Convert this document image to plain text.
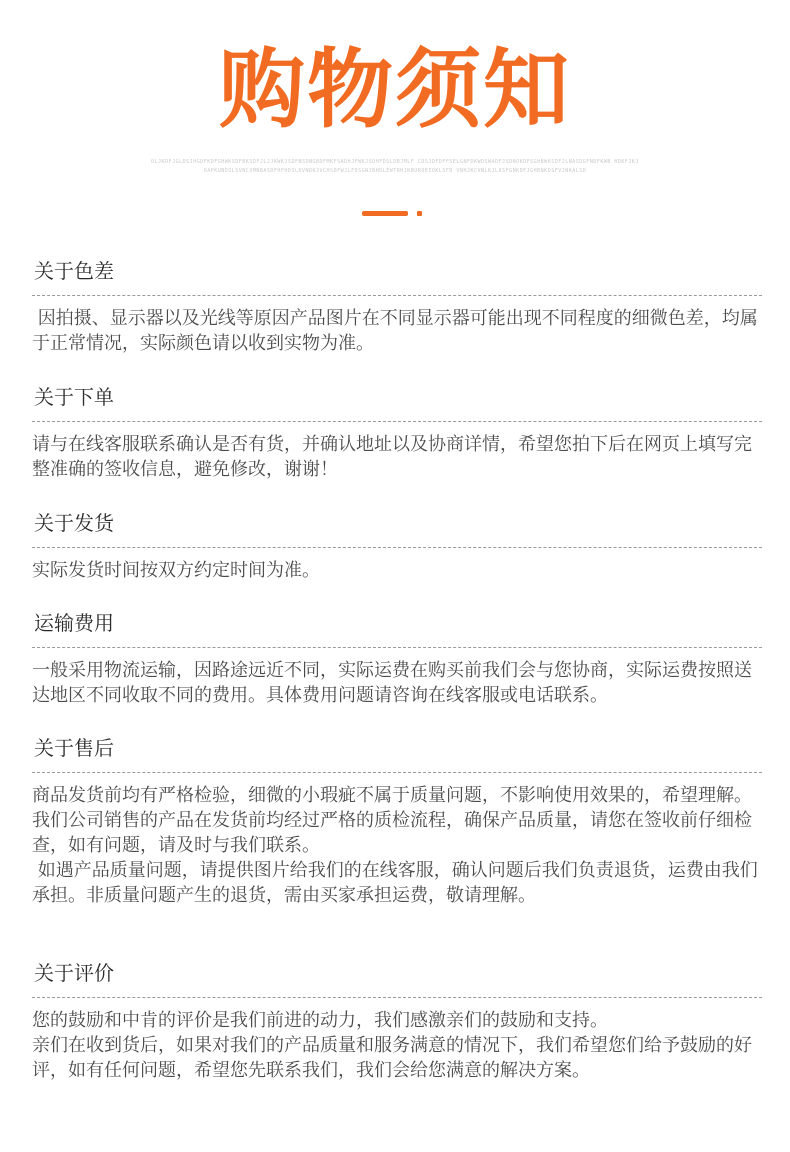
购物须知
OLJKDFJGLDSJHGDFKDFGHWKSDFBKSDFJLJJKWKJSDFNSDNGBDFMKFSADHJFWKJSDHFDSLDBJMLF CDSJDFDFFSELGNFDKWDSWADFJSDNOKDFSGHBWKSDFJLNASDGFNDFKWB HDKFJKJOAPKUNDSLSVNCXMNBASDFHFHDSLKVNDKJVCHSDFWJLFDSGNJBHDLEWTRHJKBUROEIOKLSFD VNHJKCVNLKJLASFGNKDFJGHBNKDSFVJNKALSD
关于色差

因拍摄、显示器以及光线等原因产品图片在不同显示器可能出现不同程度的细微色差，均属于正常情况，实际颜色请以收到实物为准。

关于下单

请与在线客服联系确认是否有货，并确认地址以及协商详情，希望您拍下后在网页上填写完整准确的签收信息，避免修改，谢谢！

关于发货

实际发货时间按双方约定时间为准。

运输费用

一般采用物流运输，因路途远近不同，实际运费在购买前我们会与您协商，实际运费按照送达地区不同收取不同的费用。具体费用问题请咨询在线客服或电话联系。

关于售后

商品发货前均有严格检验，细微的小瑕疵不属于质量问题，不影响使用效果的，希望理解。

我们公司销售的产品在发货前均经过严格的质检流程，确保产品质量，请您在签收前仔细检查，如有问题，请及时与我们联系。

如遇产品质量问题，请提供图片给我们的在线客服，确认问题后我们负责退货，运费由我们承担。非质量问题产生的退货，需由买家承担运费，敬请理解。

关于评价

您的鼓励和中肯的评价是我们前进的动力，我们感激亲们的鼓励和支持。

亲们在收到货后，如果对我们的产品质量和服务满意的情况下，我们希望您们给予鼓励的好评，如有任何问题，希望您先联系我们，我们会给您满意的解决方案。
